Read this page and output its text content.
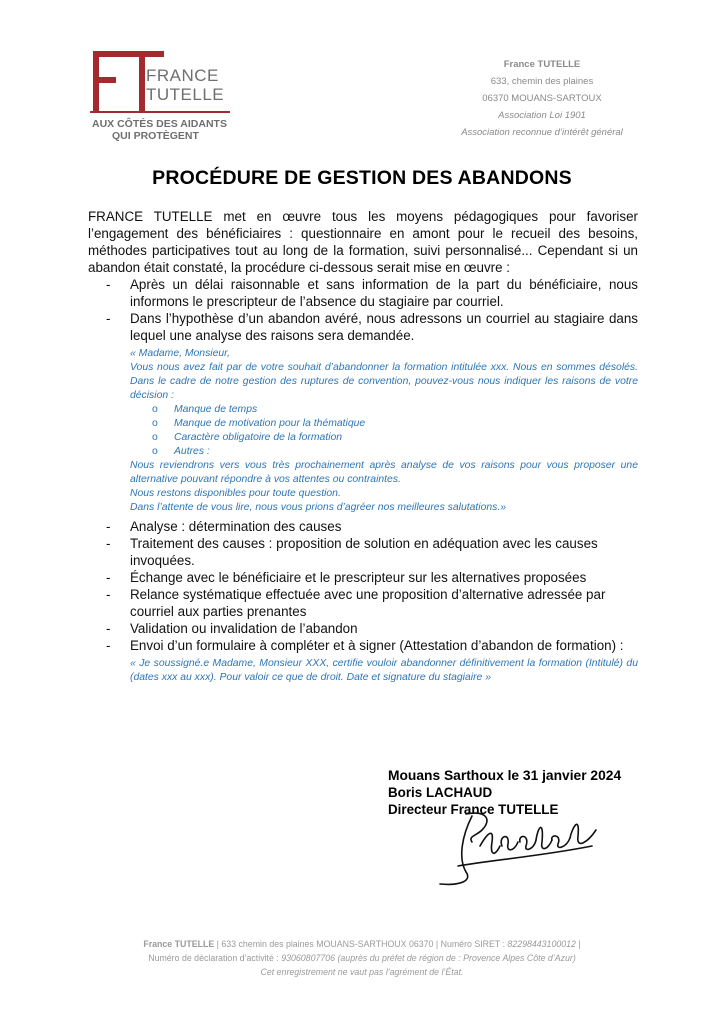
FRANCE
TUTELLE
AUX CÔTÉS DES AIDANTS
QUI PROTÈGENT
France TUTELLE
633, chemin des plaines
06370 MOUANS-SARTOUX
Association Loi 1901
Association reconnue d’intérêt général
PROCÉDURE DE GESTION DES ABANDONS

FRANCE TUTELLE met en œuvre tous les moyens pédagogiques pour favoriser l’engagement des bénéficiaires : questionnaire en amont pour le recueil des besoins, méthodes participatives tout au long de la formation, suivi personnalisé... Cependant si un abandon était constaté, la procédure ci-dessous serait mise en œuvre :

- Après un délai raisonnable et sans information de la part du bénéficiaire, nous informons le prescripteur de l’absence du stagiaire par courriel.
- Dans l’hypothèse d’un abandon avéré, nous adressons un courriel au stagiaire dans lequel une analyse des raisons sera demandée.

« Madame, Monsieur,

Vous nous avez fait par de votre souhait d’abandonner la formation intitulée xxx. Nous en sommes désolés. Dans le cadre de notre gestion des ruptures de convention, pouvez-vous nous indiquer les raisons de votre décision :

o Manque de temps
o Manque de motivation pour la thématique
o Caractère obligatoire de la formation
o Autres :

Nous reviendrons vers vous très prochainement après analyse de vos raisons pour vous proposer une alternative pouvant répondre à vos attentes ou contraintes.

Nous restons disponibles pour toute question.

Dans l’attente de vous lire, nous vous prions d’agréer nos meilleures salutations.»

- Analyse : détermination des causes
- Traitement des causes : proposition de solution en adéquation avec les causes invoquées.
- Échange avec le bénéficiaire et le prescripteur sur les alternatives proposées
- Relance systématique effectuée avec une proposition d’alternative adressée par courriel aux parties prenantes
- Validation ou invalidation de l’abandon
- Envoi d’un formulaire à compléter et à signer (Attestation d’abandon de formation) :
« Je soussigné.e Madame, Monsieur XXX, certifie vouloir abandonner définitivement la formation (Intitulé) du (dates xxx au xxx). Pour valoir ce que de droit. Date et signature du stagiaire »
Mouans Sarthoux le 31 janvier 2024
Boris LACHAUD
Directeur France TUTELLE
France TUTELLE | 633 chemin des plaines MOUANS-SARTHOUX 06370 | Numéro SIRET : 82298443100012 |
Numéro de déclaration d’activité : 93060807706 (auprès du préfet de région de : Provence Alpes Côte d’Azur)
Cet enregistrement ne vaut pas l’agrément de l’État.
